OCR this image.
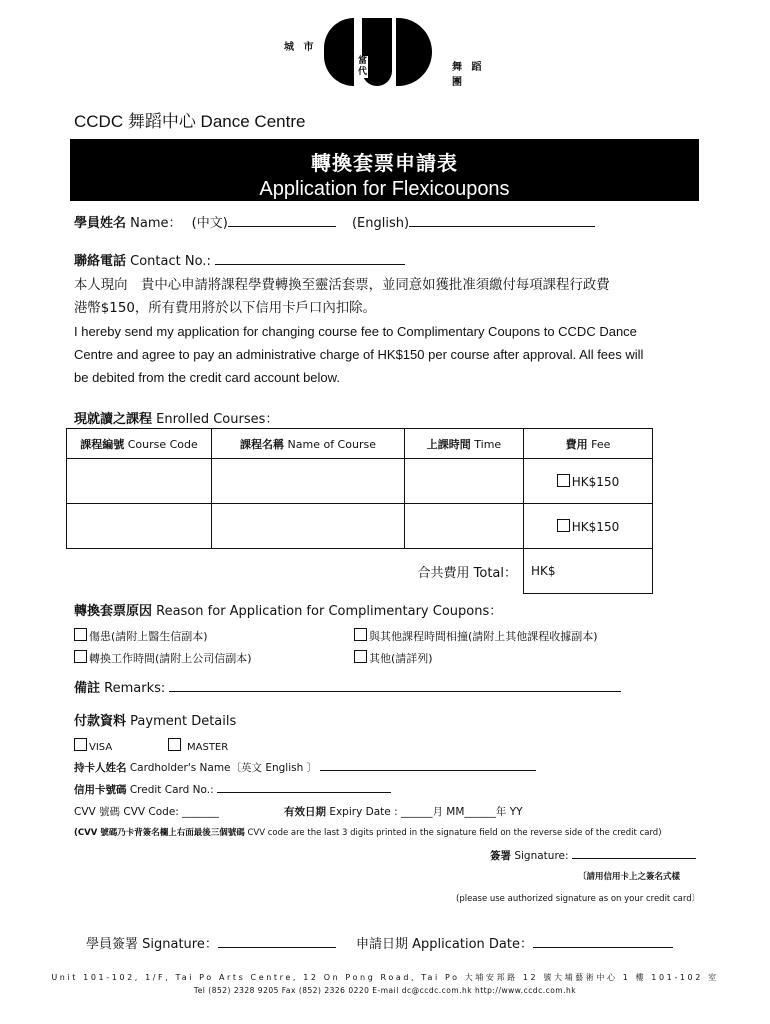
城 市
當 代	舞 蹈 團
CCDC 舞蹈中心 Dance Centre
轉換套票申請表
Application for Flexicoupons
學員姓名 Name： (中文)	(English)
聯絡電話 Contact No.:
本人現向　貴中心申請將課程學費轉換至靈活套票，並同意如獲批准須繳付每項課程行政費
港幣$150，所有費用將於以下信用卡戶口內扣除。
I hereby send my application for changing course fee to Complimentary Coupons to CCDC Dance
Centre and agree to pay an administrative charge of HK$150 per course after approval. All fees will
be debited from the credit card account below.
現就讀之課程 Enrolled Courses：
課程編號 Course Code	課程名稱 Name of Course	上課時間 Time	費用 Fee
			HK$150
			HK$150
合共費用 Total：			HK$
轉換套票原因 Reason for Application for Complimentary Coupons：
傷患(請附上醫生信副本)	與其他課程時間相撞(請附上其他課程收據副本)
轉換工作時間(請附上公司信副本)	其他(請詳列)
備註 Remarks:
付款資料 Payment Details
VISA	MASTER
持卡人姓名 Cardholder's Name〔英文 English 〕
信用卡號碼 Credit Card No.:
CVV 號碼 CVV Code: _______	有效日期 Expiry Date : ______月 MM______年 YY
(CVV 號碼乃卡背簽名欄上右面最後三個號碼 CVV code are the last 3 digits printed in the signature field on the reverse side of the credit card)
簽署 Signature:
〔請用信用卡上之簽名式樣
(please use authorized signature as on your credit card〕
學員簽署 Signature：	申請日期 Application Date：
Unit 101-102, 1/F, Tai Po Arts Centre, 12 On Pong Road, Tai Po 大埔安邦路 12 號大埔藝術中心 1 樓 101-102 室
Tel (852) 2328 9205 Fax (852) 2326 0220 E-mail dc@ccdc.com.hk http://www.ccdc.com.hk
